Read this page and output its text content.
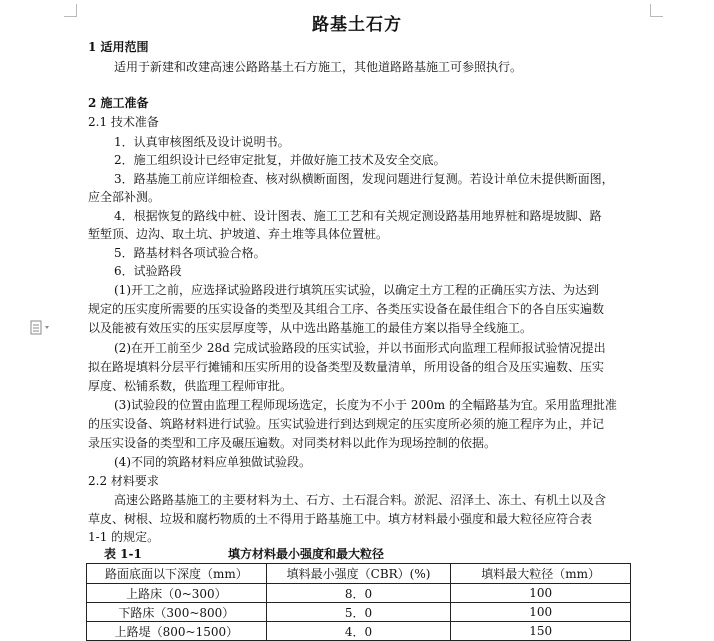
路基土石方
1 适用范围
适用于新建和改建高速公路路基土石方施工，其他道路路基施工可参照执行。
2 施工准备
2.1 技术准备
1．认真审核图纸及设计说明书。
2．施工组织设计已经审定批复，并做好施工技术及安全交底。
3．路基施工前应详细检查、核对纵横断面图，发现问题进行复测。若设计单位未提供断面图，
应全部补测。
4．根据恢复的路线中桩、设计图表、施工工艺和有关规定测设路基用地界桩和路堤坡脚、路
堑堑顶、边沟、取土坑、护坡道、弃土堆等具体位置桩。
5．路基材料各项试验合格。
6．试验路段
(1)开工之前，应选择试验路段进行填筑压实试验，以确定土方工程的正确压实方法、为达到
规定的压实度所需要的压实设备的类型及其组合工序、各类压实设备在最佳组合下的各自压实遍数
以及能被有效压实的压实层厚度等，从中选出路基施工的最佳方案以指导全线施工。
(2)在开工前至少 28d 完成试验路段的压实试验，并以书面形式向监理工程师报试验情况提出
拟在路堤填料分层平行摊铺和压实所用的设备类型及数量清单，所用设备的组合及压实遍数、压实
厚度、松铺系数，供监理工程师审批。
(3)试验段的位置由监理工程师现场选定，长度为不小于 200m 的全幅路基为宜。采用监理批准
的压实设备、筑路材料进行试验。压实试验进行到达到规定的压实度所必须的施工程序为止，并记
录压实设备的类型和工序及碾压遍数。对同类材料以此作为现场控制的依据。
(4)不同的筑路材料应单独做试验段。
2.2 材料要求
高速公路路基施工的主要材料为土、石方、土石混合料。淤泥、沼泽土、冻土、有机土以及含
草皮、树根、垃圾和腐朽物质的土不得用于路基施工中。填方材料最小强度和最大粒径应符合表
1-1 的规定。
表 1-1	填方材料最小强度和最大粒径
路面底面以下深度（mm）	填料最小强度（CBR）(%)	填料最大粒径（mm）
上路床（0~300）	8．0	100
下路床（300~800）	5．0	100
上路堤（800~1500）	4．0	150
